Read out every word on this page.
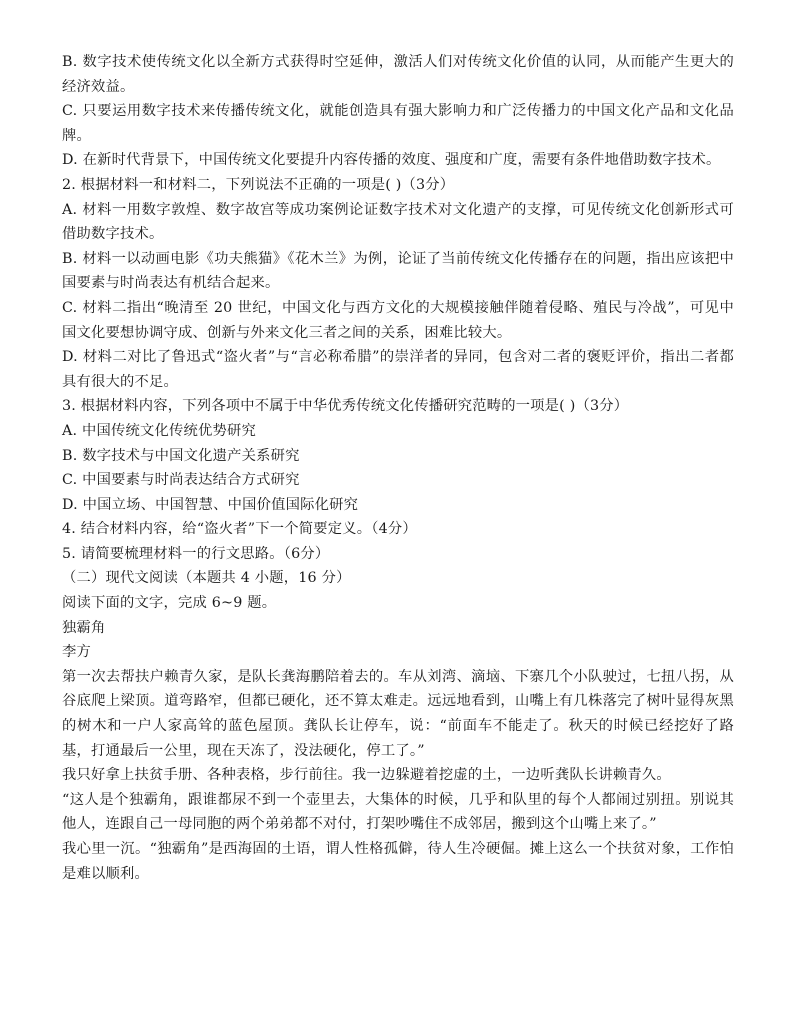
B. 数字技术使传统文化以全新方式获得时空延伸，激活人们对传统文化价值的认同，从而能产生更大的经济效益。

C. 只要运用数字技术来传播传统文化，就能创造具有强大影响力和广泛传播力的中国文化产品和文化品牌。

D. 在新时代背景下，中国传统文化要提升内容传播的效度、强度和广度，需要有条件地借助数字技术。

2. 根据材料一和材料二，下列说法不正确的一项是( )（3分）

A. 材料一用数字敦煌、数字故宫等成功案例论证数字技术对文化遗产的支撑，可见传统文化创新形式可借助数字技术。

B. 材料一以动画电影《功夫熊猫》《花木兰》为例，论证了当前传统文化传播存在的问题，指出应该把中国要素与时尚表达有机结合起来。

C. 材料二指出“晚清至 20 世纪，中国文化与西方文化的大规模接触伴随着侵略、殖民与冷战”，可见中国文化要想协调守成、创新与外来文化三者之间的关系，困难比较大。

D. 材料二对比了鲁迅式“盗火者”与“言必称希腊”的崇洋者的异同，包含对二者的褒贬评价，指出二者都具有很大的不足。

3. 根据材料内容，下列各项中不属于中华优秀传统文化传播研究范畴的一项是( )（3分）

A. 中国传统文化传统优势研究

B. 数字技术与中国文化遗产关系研究

C. 中国要素与时尚表达结合方式研究

D. 中国立场、中国智慧、中国价值国际化研究

4. 结合材料内容，给“盗火者”下一个简要定义。（4分）

5. 请简要梳理材料一的行文思路。（6分）

（二）现代文阅读（本题共 4 小题，16 分）

阅读下面的文字，完成 6~9 题。

独霸角

李方

第一次去帮扶户赖青久家，是队长龚海鹏陪着去的。车从刘湾、滴垴、下寨几个小队驶过，七扭八拐，从谷底爬上梁顶。道弯路窄，但都已硬化，还不算太难走。远远地看到，山嘴上有几株落完了树叶显得灰黑的树木和一户人家高耸的蓝色屋顶。龚队长让停车，说：“前面车不能走了。秋天的时候已经挖好了路基，打通最后一公里，现在天冻了，没法硬化，停工了。”

我只好拿上扶贫手册、各种表格，步行前往。我一边躲避着挖虚的土，一边听龚队长讲赖青久。

“这人是个独霸角，跟谁都尿不到一个壶里去，大集体的时候，几乎和队里的每个人都闹过别扭。别说其他人，连跟自己一母同胞的两个弟弟都不对付，打架吵嘴住不成邻居，搬到这个山嘴上来了。”

我心里一沉。“独霸角”是西海固的土语，谓人性格孤僻，待人生冷硬倔。摊上这么一个扶贫对象，工作怕是难以顺利。
